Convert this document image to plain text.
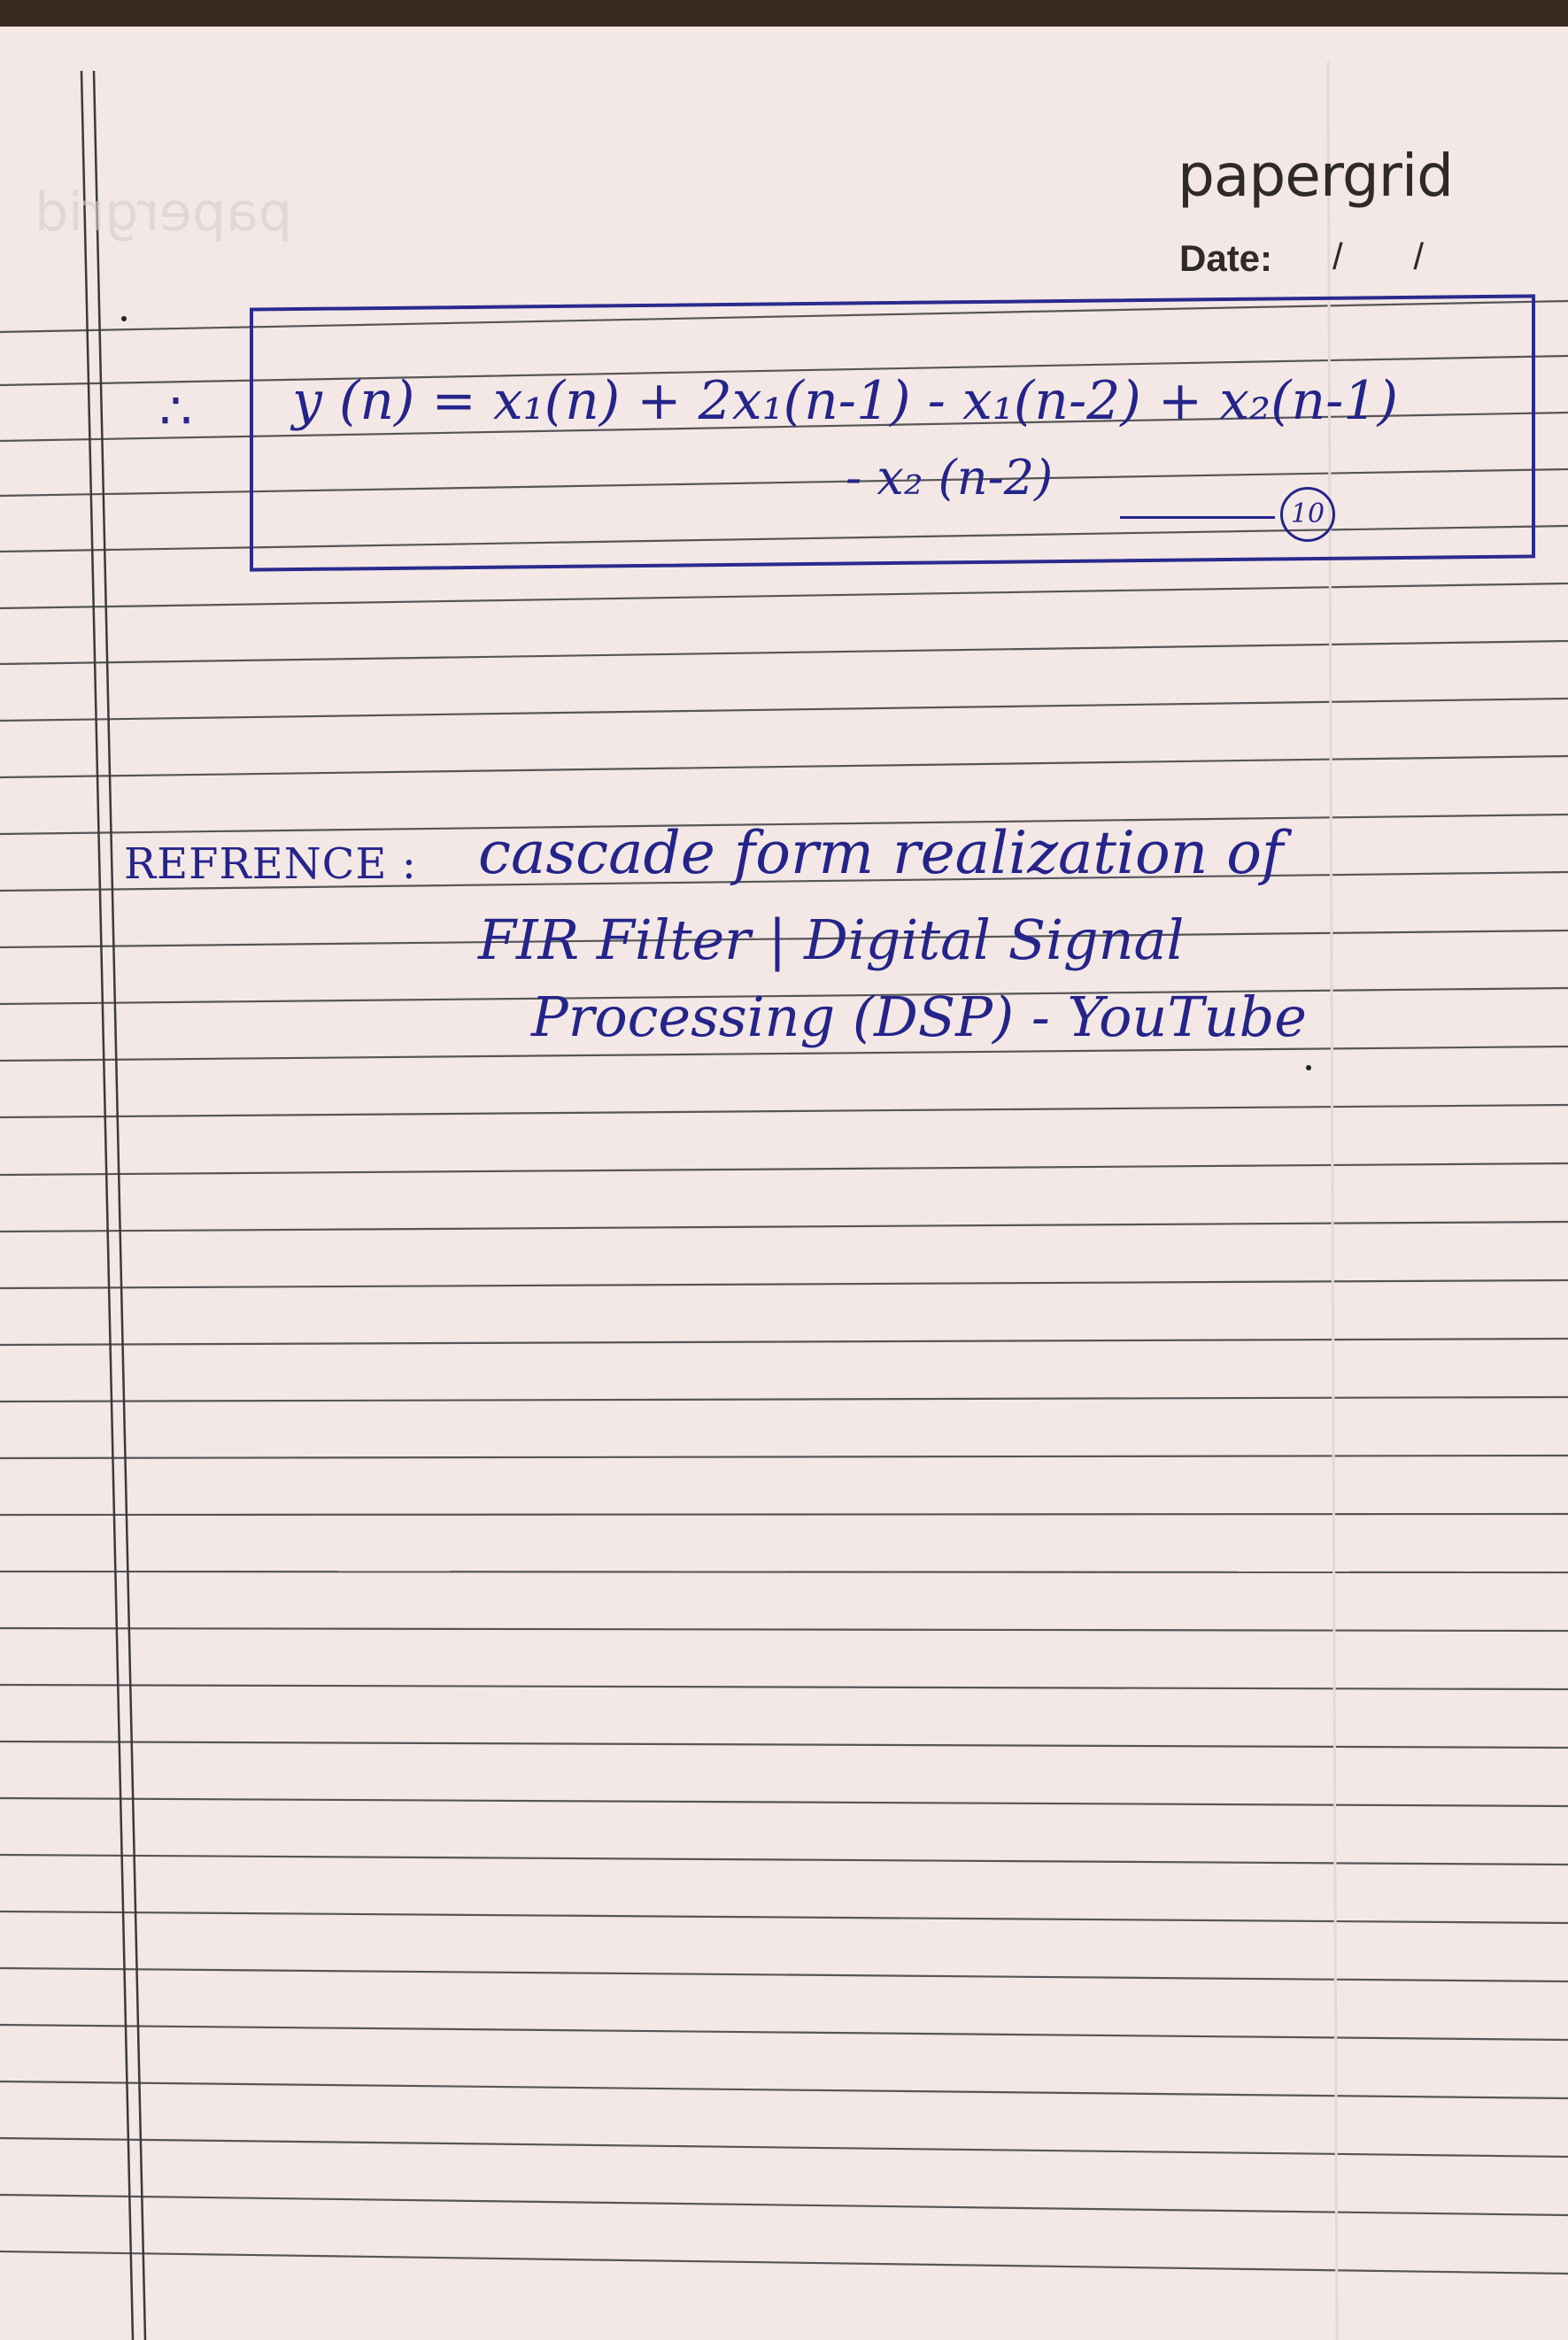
papergrid
papergrid
Date: / /
∴ y (n) = x₁(n) + 2x₁(n-1) - x₁(n-2) + x₂(n-1)
- x₂ (n-2)
10
REFRENCE : cascade form realization of
FIR Filter | Digital Signal
Processing (DSP) - YouTube
